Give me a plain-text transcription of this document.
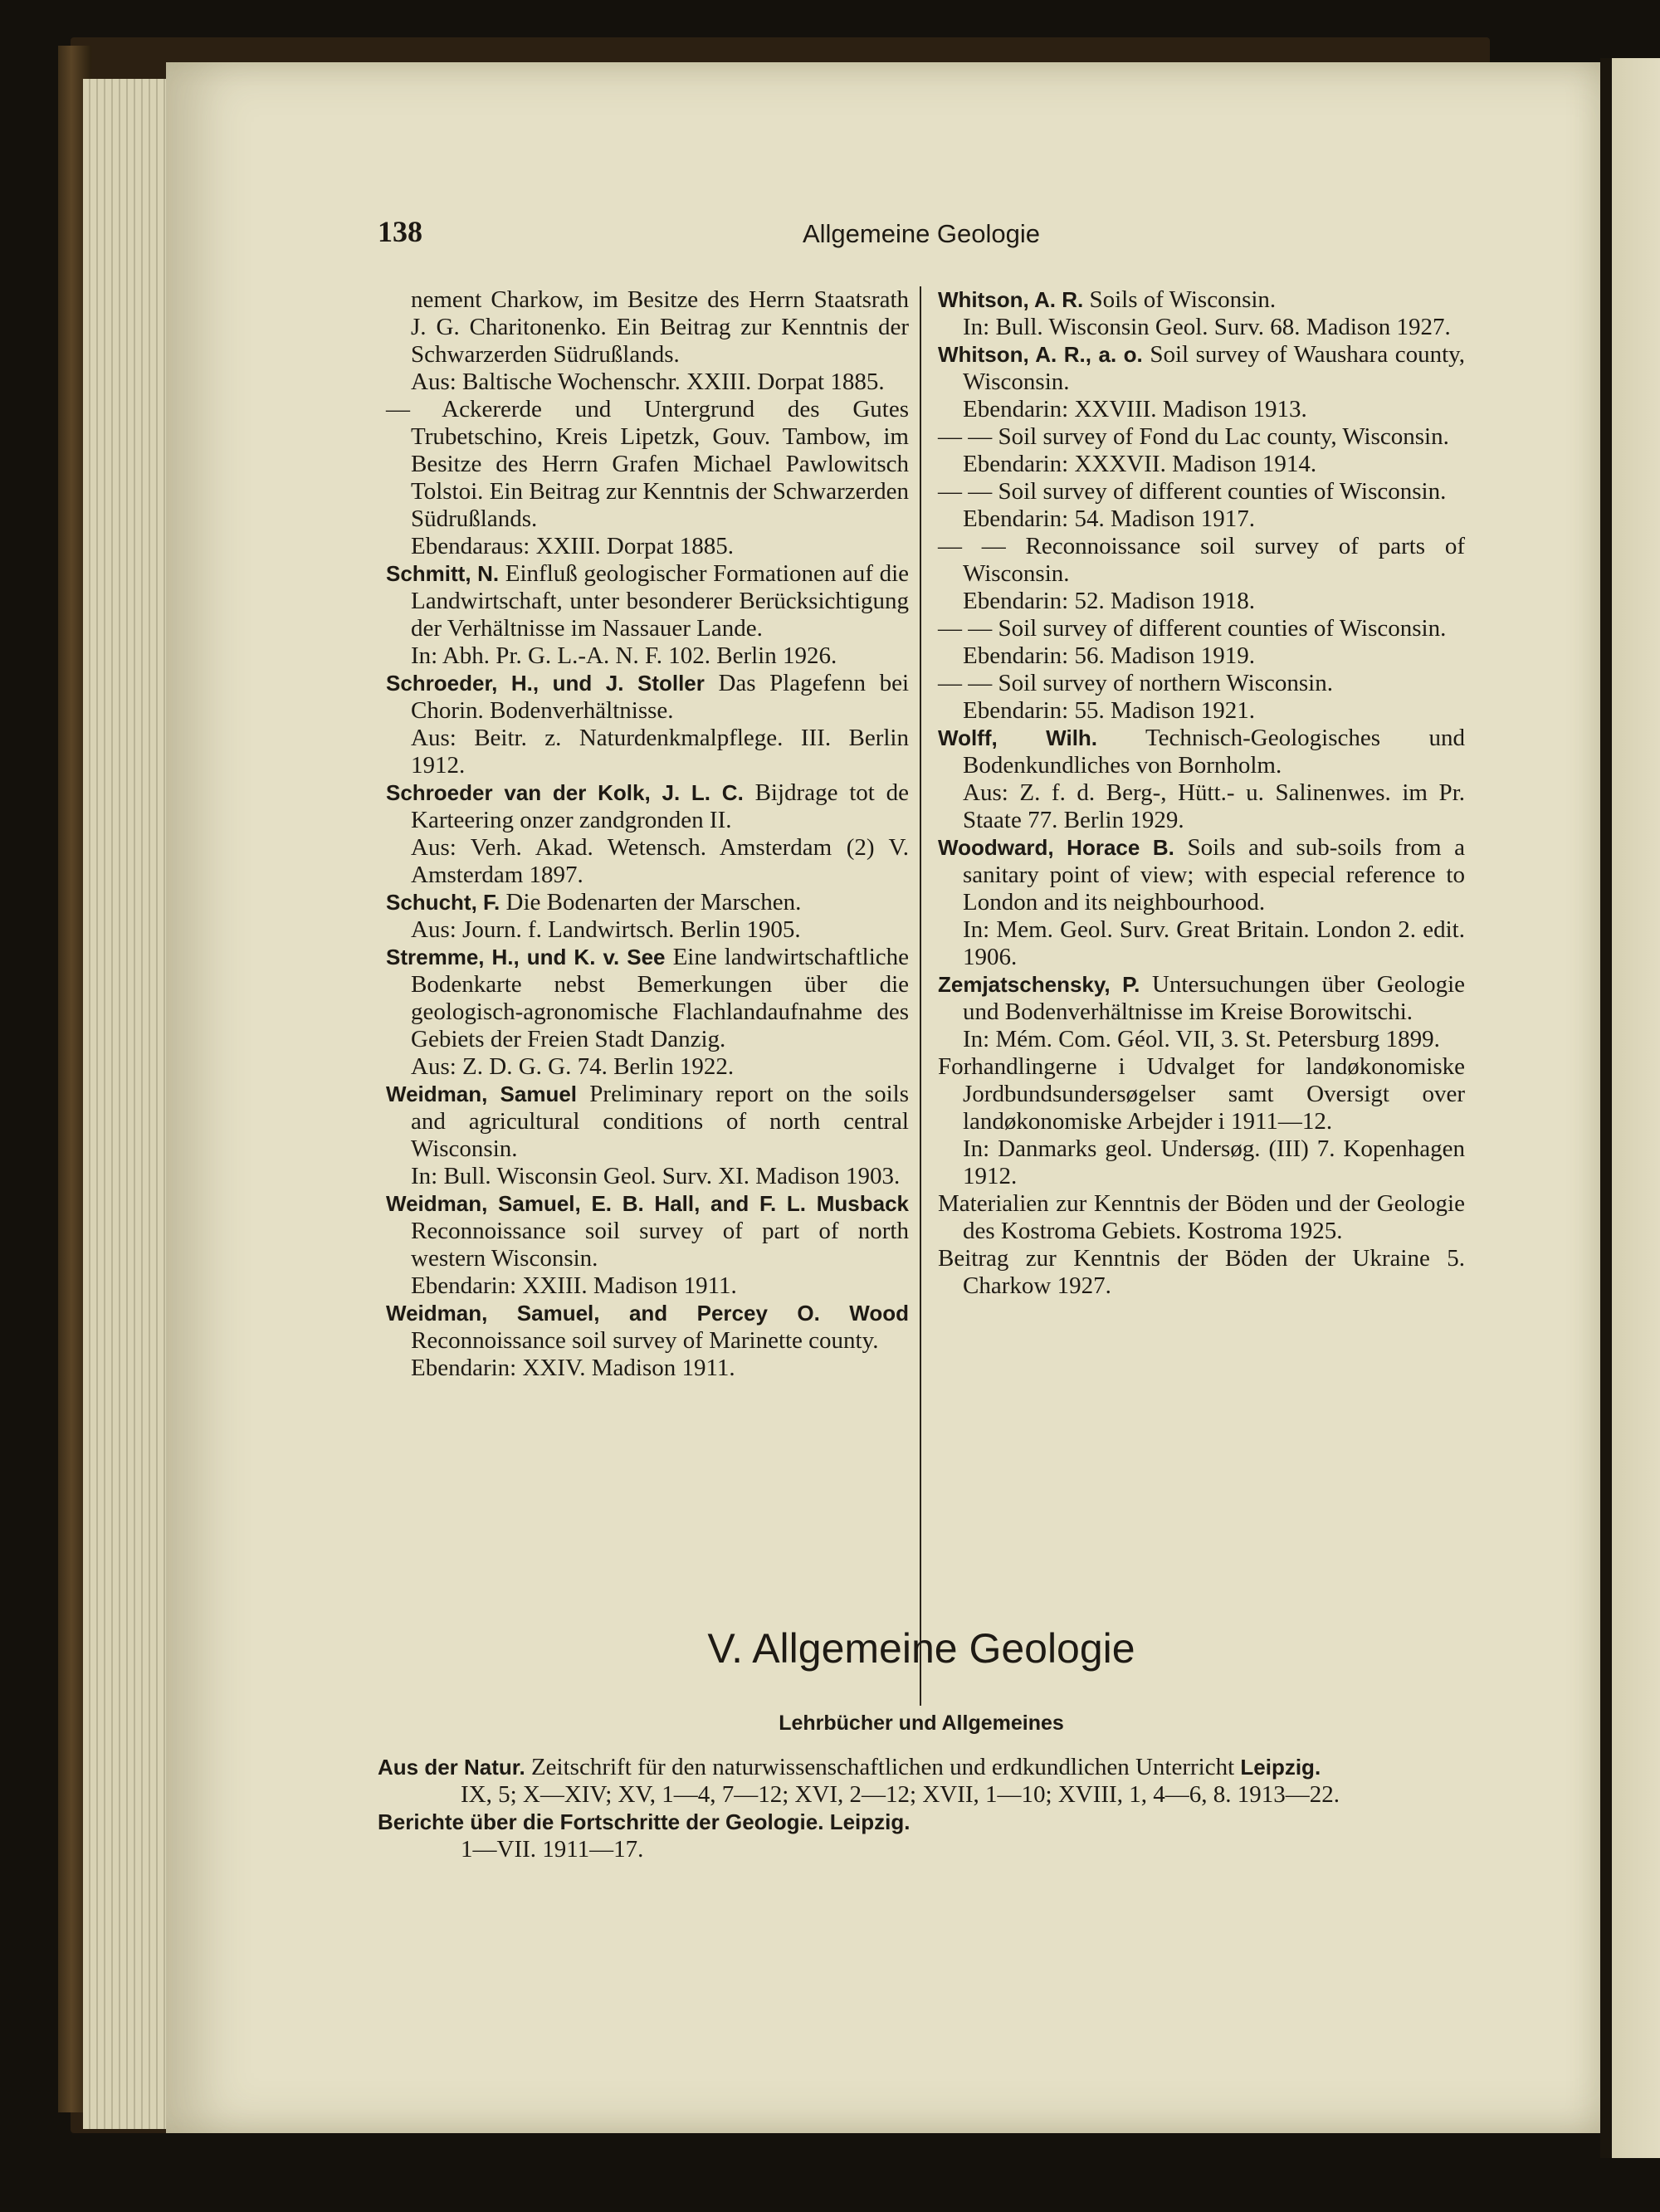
138	Allgemeine Geologie
nement Charkow, im Besitze des Herrn Staatsrath J. G. Charitonenko. Ein Beitrag zur Kenntnis der Schwarzerden Südrußlands.
Aus: Baltische Wochenschr. XXIII. Dorpat 1885.
— Ackererde und Untergrund des Gutes Trubetschino, Kreis Lipetzk, Gouv. Tambow, im Besitze des Herrn Grafen Michael Pawlowitsch Tolstoi. Ein Beitrag zur Kenntnis der Schwarzerden Südrußlands.
Ebendaraus: XXIII. Dorpat 1885.
Schmitt, N. Einfluß geologischer Formationen auf die Landwirtschaft, unter besonderer Berücksichtigung der Verhältnisse im Nassauer Lande.
In: Abh. Pr. G. L.-A. N. F. 102. Berlin 1926.
Schroeder, H., und J. Stoller Das Plagefenn bei Chorin. Bodenverhältnisse.
Aus: Beitr. z. Naturdenkmalpflege. III. Berlin 1912.
Schroeder van der Kolk, J. L. C. Bijdrage tot de Karteering onzer zandgronden II.
Aus: Verh. Akad. Wetensch. Amsterdam (2) V. Amsterdam 1897.
Schucht, F. Die Bodenarten der Marschen.
Aus: Journ. f. Landwirtsch. Berlin 1905.
Stremme, H., und K. v. See Eine landwirtschaftliche Bodenkarte nebst Bemerkungen über die geologisch-agronomische Flachlandaufnahme des Gebiets der Freien Stadt Danzig.
Aus: Z. D. G. G. 74. Berlin 1922.
Weidman, Samuel Preliminary report on the soils and agricultural conditions of north central Wisconsin.
In: Bull. Wisconsin Geol. Surv. XI. Madison 1903.
Weidman, Samuel, E. B. Hall, and F. L. Musback Reconnoissance soil survey of part of north western Wisconsin.
Ebendarin: XXIII. Madison 1911.
Weidman, Samuel, and Percey O. Wood Reconnoissance soil survey of Marinette county.
Ebendarin: XXIV. Madison 1911.
Whitson, A. R. Soils of Wisconsin.
In: Bull. Wisconsin Geol. Surv. 68. Madison 1927.
Whitson, A. R., a. o. Soil survey of Waushara county, Wisconsin.
Ebendarin: XXVIII. Madison 1913.
— — Soil survey of Fond du Lac county, Wisconsin.
Ebendarin: XXXVII. Madison 1914.
— — Soil survey of different counties of Wisconsin.
Ebendarin: 54. Madison 1917.
— — Reconnoissance soil survey of parts of Wisconsin.
Ebendarin: 52. Madison 1918.
— — Soil survey of different counties of Wisconsin.
Ebendarin: 56. Madison 1919.
— — Soil survey of northern Wisconsin.
Ebendarin: 55. Madison 1921.
Wolff, Wilh. Technisch-Geologisches und Bodenkundliches von Bornholm.
Aus: Z. f. d. Berg-, Hütt.- u. Salinenwes. im Pr. Staate 77. Berlin 1929.
Woodward, Horace B. Soils and sub-soils from a sanitary point of view; with especial reference to London and its neighbourhood.
In: Mem. Geol. Surv. Great Britain. London 2. edit. 1906.
Zemjatschensky, P. Untersuchungen über Geologie und Bodenverhältnisse im Kreise Borowitschi.
In: Mém. Com. Géol. VII, 3. St. Petersburg 1899.
Forhandlingerne i Udvalget for landøkonomiske Jordbundsundersøgelser samt Oversigt over landøkonomiske Arbejder i 1911—12.
In: Danmarks geol. Undersøg. (III) 7. Kopenhagen 1912.
Materialien zur Kenntnis der Böden und der Geologie des Kostroma Gebiets. Kostroma 1925.
Beitrag zur Kenntnis der Böden der Ukraine 5. Charkow 1927.
V. Allgemeine Geologie
Lehrbücher und Allgemeines
Aus der Natur. Zeitschrift für den naturwissenschaftlichen und erdkundlichen Unterricht Leipzig.
IX, 5; X—XIV; XV, 1—4, 7—12; XVI, 2—12; XVII, 1—10; XVIII, 1, 4—6, 8. 1913—22.
Berichte über die Fortschritte der Geologie. Leipzig.
1—VII. 1911—17.
